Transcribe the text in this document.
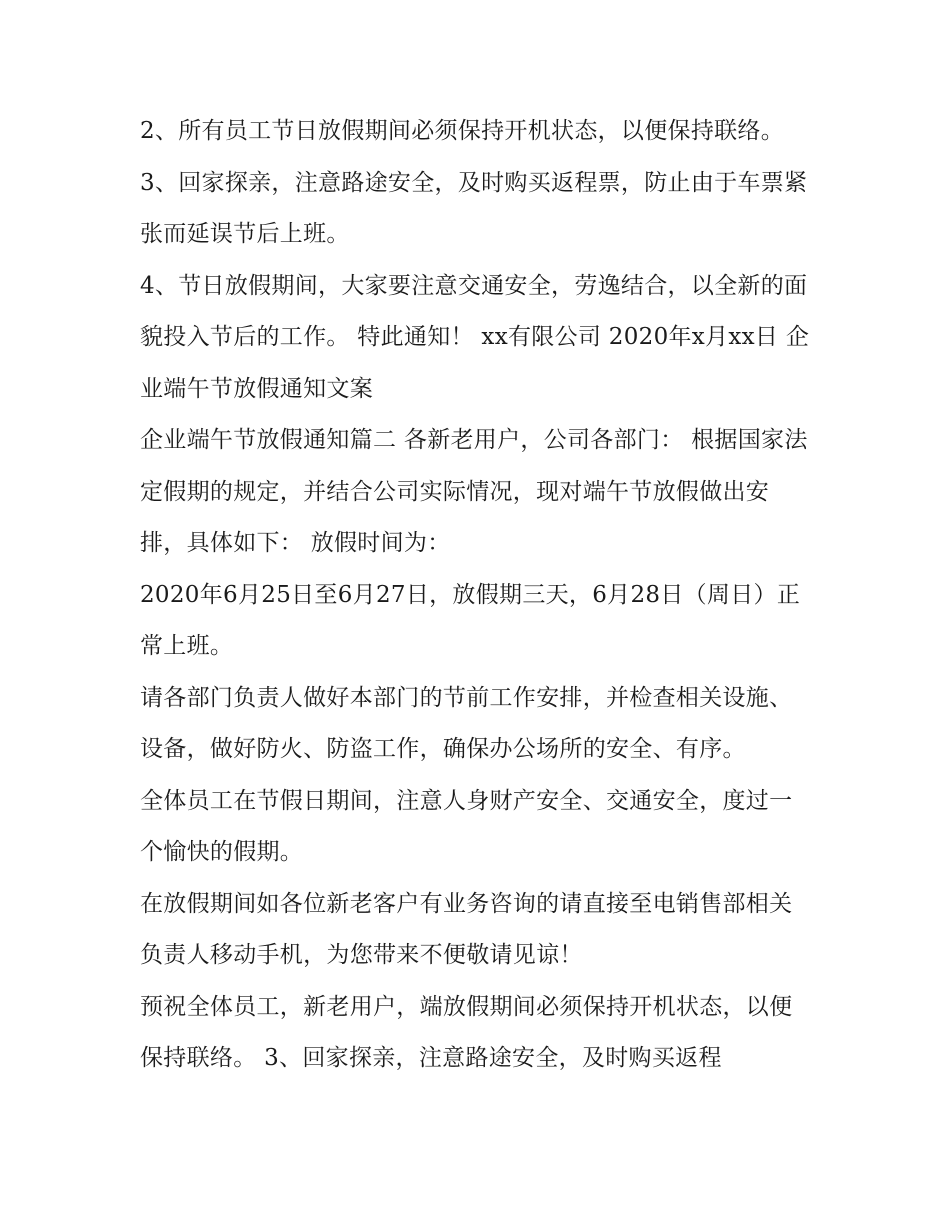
2、所有员工节日放假期间必须保持开机状态，以便保持联络。 3、回家探亲，注意路途安全，及时购买返程票，防止由于车票紧张而延误节后上班。

4、节日放假期间，大家要注意交通安全，劳逸结合，以全新的面貌投入节后的工作。 特此通知！ xx有限公司 2020年x月xx日 企业端午节放假通知文案

企业端午节放假通知篇二 各新老用户，公司各部门： 根据国家法定假期的规定，并结合公司实际情况，现对端午节放假做出安排，具体如下： 放假时间为：

2020年6月25日至6月27日，放假期三天，6月28日（周日）正常上班。

请各部门负责人做好本部门的节前工作安排，并检查相关设施、设备，做好防火、防盗工作，确保办公场所的安全、有序。

全体员工在节假日期间，注意人身财产安全、交通安全，度过一个愉快的假期。

在放假期间如各位新老客户有业务咨询的请直接至电销售部相关负责人移动手机，为您带来不便敬请见谅！

预祝全体员工，新老用户，端放假期间必须保持开机状态，以便保持联络。 3、回家探亲，注意路途安全，及时购买返程
